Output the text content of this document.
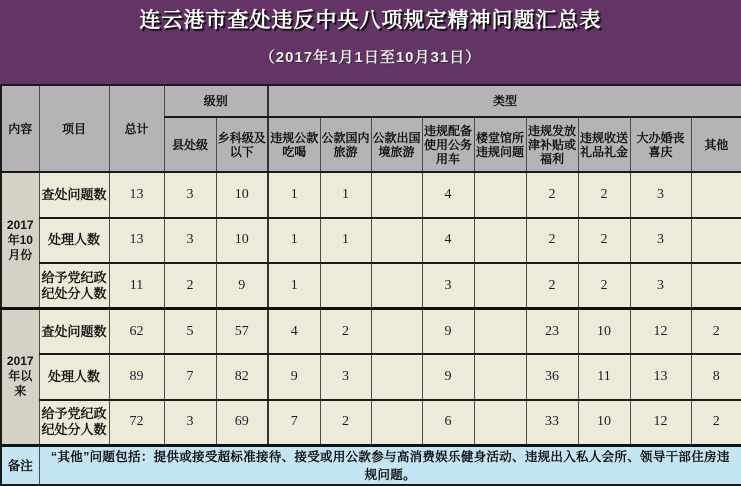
连云港市查处违反中央八项规定精神问题汇总表
（2017年1月1日至10月31日）
内容	项目	总计	级别		类型								
			县处级	乡科级及以下	违规公款吃喝	公款国内旅游	公款出国境旅游	违规配备使用公务用车	楼堂馆所违规问题	违规发放津补贴或福利	违规收送礼品礼金	大办婚丧喜庆	其他
2017年10月份	查处问题数	13	3	10	1	1		4		2	2	3	
	处理人数	13	3	10	1	1		4		2	2	3	
	给予党纪政纪处分人数	11	2	9	1			3		2	2	3	
2017年以来	查处问题数	62	5	57	4	2		9		23	10	12	2
	处理人数	89	7	82	9	3		9		36	11	13	8
	给予党纪政纪处分人数	72	3	69	7	2		6		33	10	12	2
备注	“其他”问题包括：提供或接受超标准接待、接受或用公款参与高消费娱乐健身活动、违规出入私人会所、领导干部住房违规问题。												
